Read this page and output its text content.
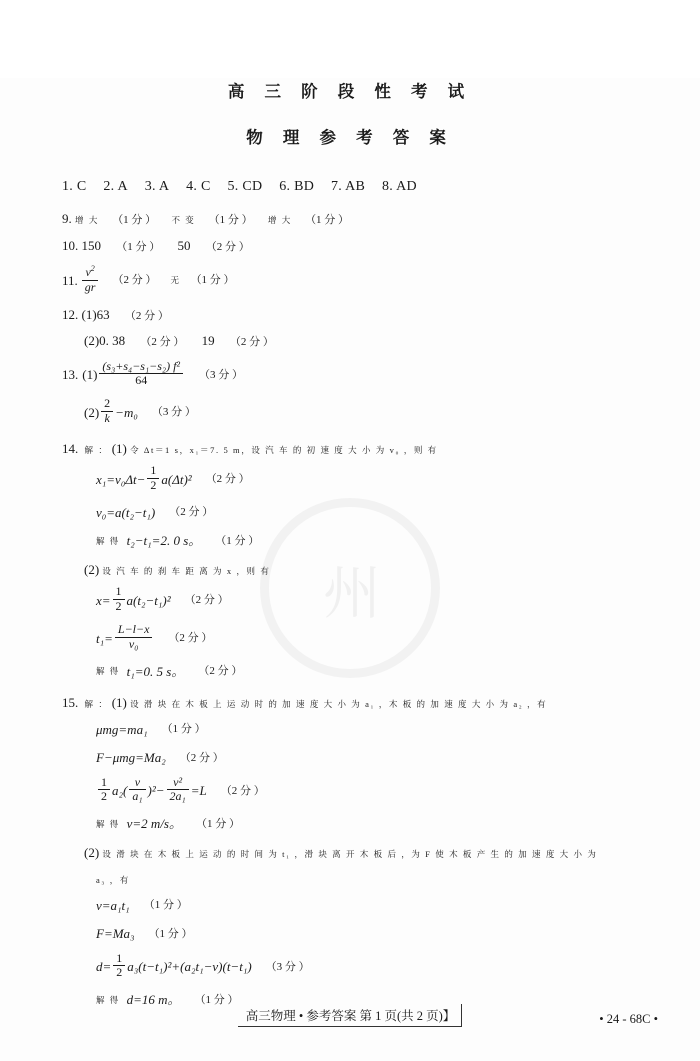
州
高 三 阶 段 性 考 试
物 理 参 考 答 案
1. C 2. A 3. A 4. C 5. CD 6. BD 7. AB 8. AD
9. 增 大 （1 分 ） 不 变 （1 分 ） 增 大 （1 分 ）
10. 150 （1 分 ） 50 （2 分 ）
11. $\frac{v^2}{gr} (2$ 分 ） 无 （1 分 ）
12. (1)63 （2 分 ）
(2)0. 38 （2 分 ） 19 （2 分 ）
13. $(1) \frac{\text{(s₃+s₄−s₁−s₂) f²}}{64} (3$ 分 ）
$(2) \frac{2}{k} -m_0$ （3 分 ）
14. 解 ： (1) 令 Δt＝1 s，x₁＝7. 5 m，设 汽 车 的 初 速 度 大 小 为 v₀ ，则 有
$x_1=v_0\Delta t- \frac{1}{2} a(\Delta t)^2$ （2 分 ）
v₀=a(t₂−t₁) （2 分 ）
解 得 t₂−t₁=2. 0 s。 （1 分 ）
(2) 设 汽 车 的 刹 车 距 离 为 x ，则 有
$x= \frac{1}{2} a(t_2-t_1)^2$ （2 分 ）
$t_1= \frac{L-l-x}{\text{v₀}} (2$ 分 ）
解 得 t₁=0. 5 s。 （2 分 ）
15. 解 ： (1) 设 滑 块 在 木 板 上 运 动 时 的 加 速 度 大 小 为 a₁ ，木 板 的 加 速 度 大 小 为 a₂ ，有
μmg=ma₁ （1 分 ）
F−μmg=Ma₂ （2 分 ）
$\frac{1}{2} a_2( \frac{v}{\text{a₁}} )^2- \frac{\text{v²}}{\text{2a₁}} =L$ （2 分 ）
解 得 v=2 m/s。 （1 分 ）
(2) 设 滑 块 在 木 板 上 运 动 的 时 间 为 t₁ ，滑 块 离 开 木 板 后 ，为 F 使 木 板 产 生 的 加 速 度 大 小 为
a₃ ，有
v=a₁t₁ （1 分 ）
F=Ma₃ （1 分 ）
$d= \frac{1}{2} a_3(t-t_1)^2+(a_2t_1-v)(t-t_1)$ （3 分 ）
解 得 d=16 m。 （1 分 ）
高三物理 • 参考答案 第 1 页(共 2 页)】	• 24 - 68C •
